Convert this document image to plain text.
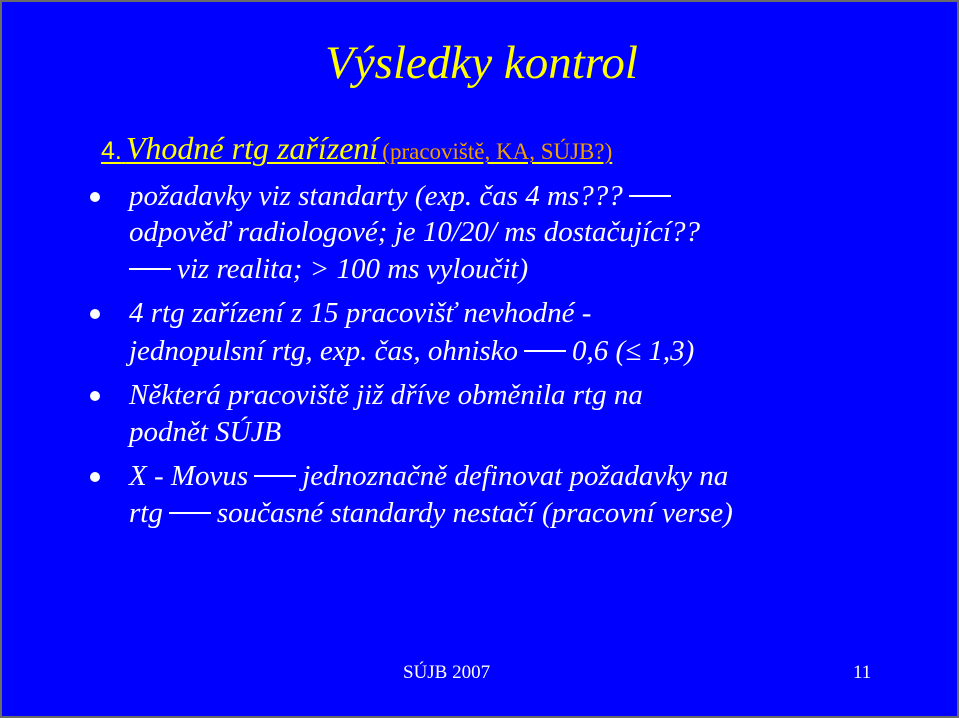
Výsledky kontrol
4. Vhodné rtg zařízení (pracoviště, KA, SÚJB?)
požadavky viz standarty (exp. čas 4 ms???
odpověď radiologové; je 10/20/ ms dostačující??
viz realita; > 100 ms vyloučit)
4 rtg zařízení z 15 pracovišť nevhodné -
jednopulsní rtg, exp. čas, ohnisko 0,6 (≤ 1,3)
Některá pracoviště již dříve obměnila rtg na
podnět SÚJB
X - Movus jednoznačně definovat požadavky na
rtg současné standardy nestačí (pracovní verse)
SÚJB 2007	11
